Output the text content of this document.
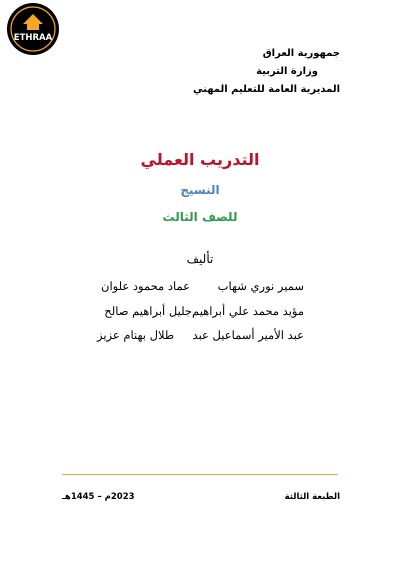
ETHRAA
جمهورية العراق
وزارة التربية
المديرية العامة للتعليم المهني
التدريب العملي
النسيج
للصف الثالث
تأليف
سمير نوري شهاب
عماد محمود علوان
مؤيد محمد علي أبراهيم
جليل أبراهيم صالح
عبد الأمير أسماعيل عبد
طلال بهنام عزيز
الطبعة الثالثة
2023م – 1445هـ
